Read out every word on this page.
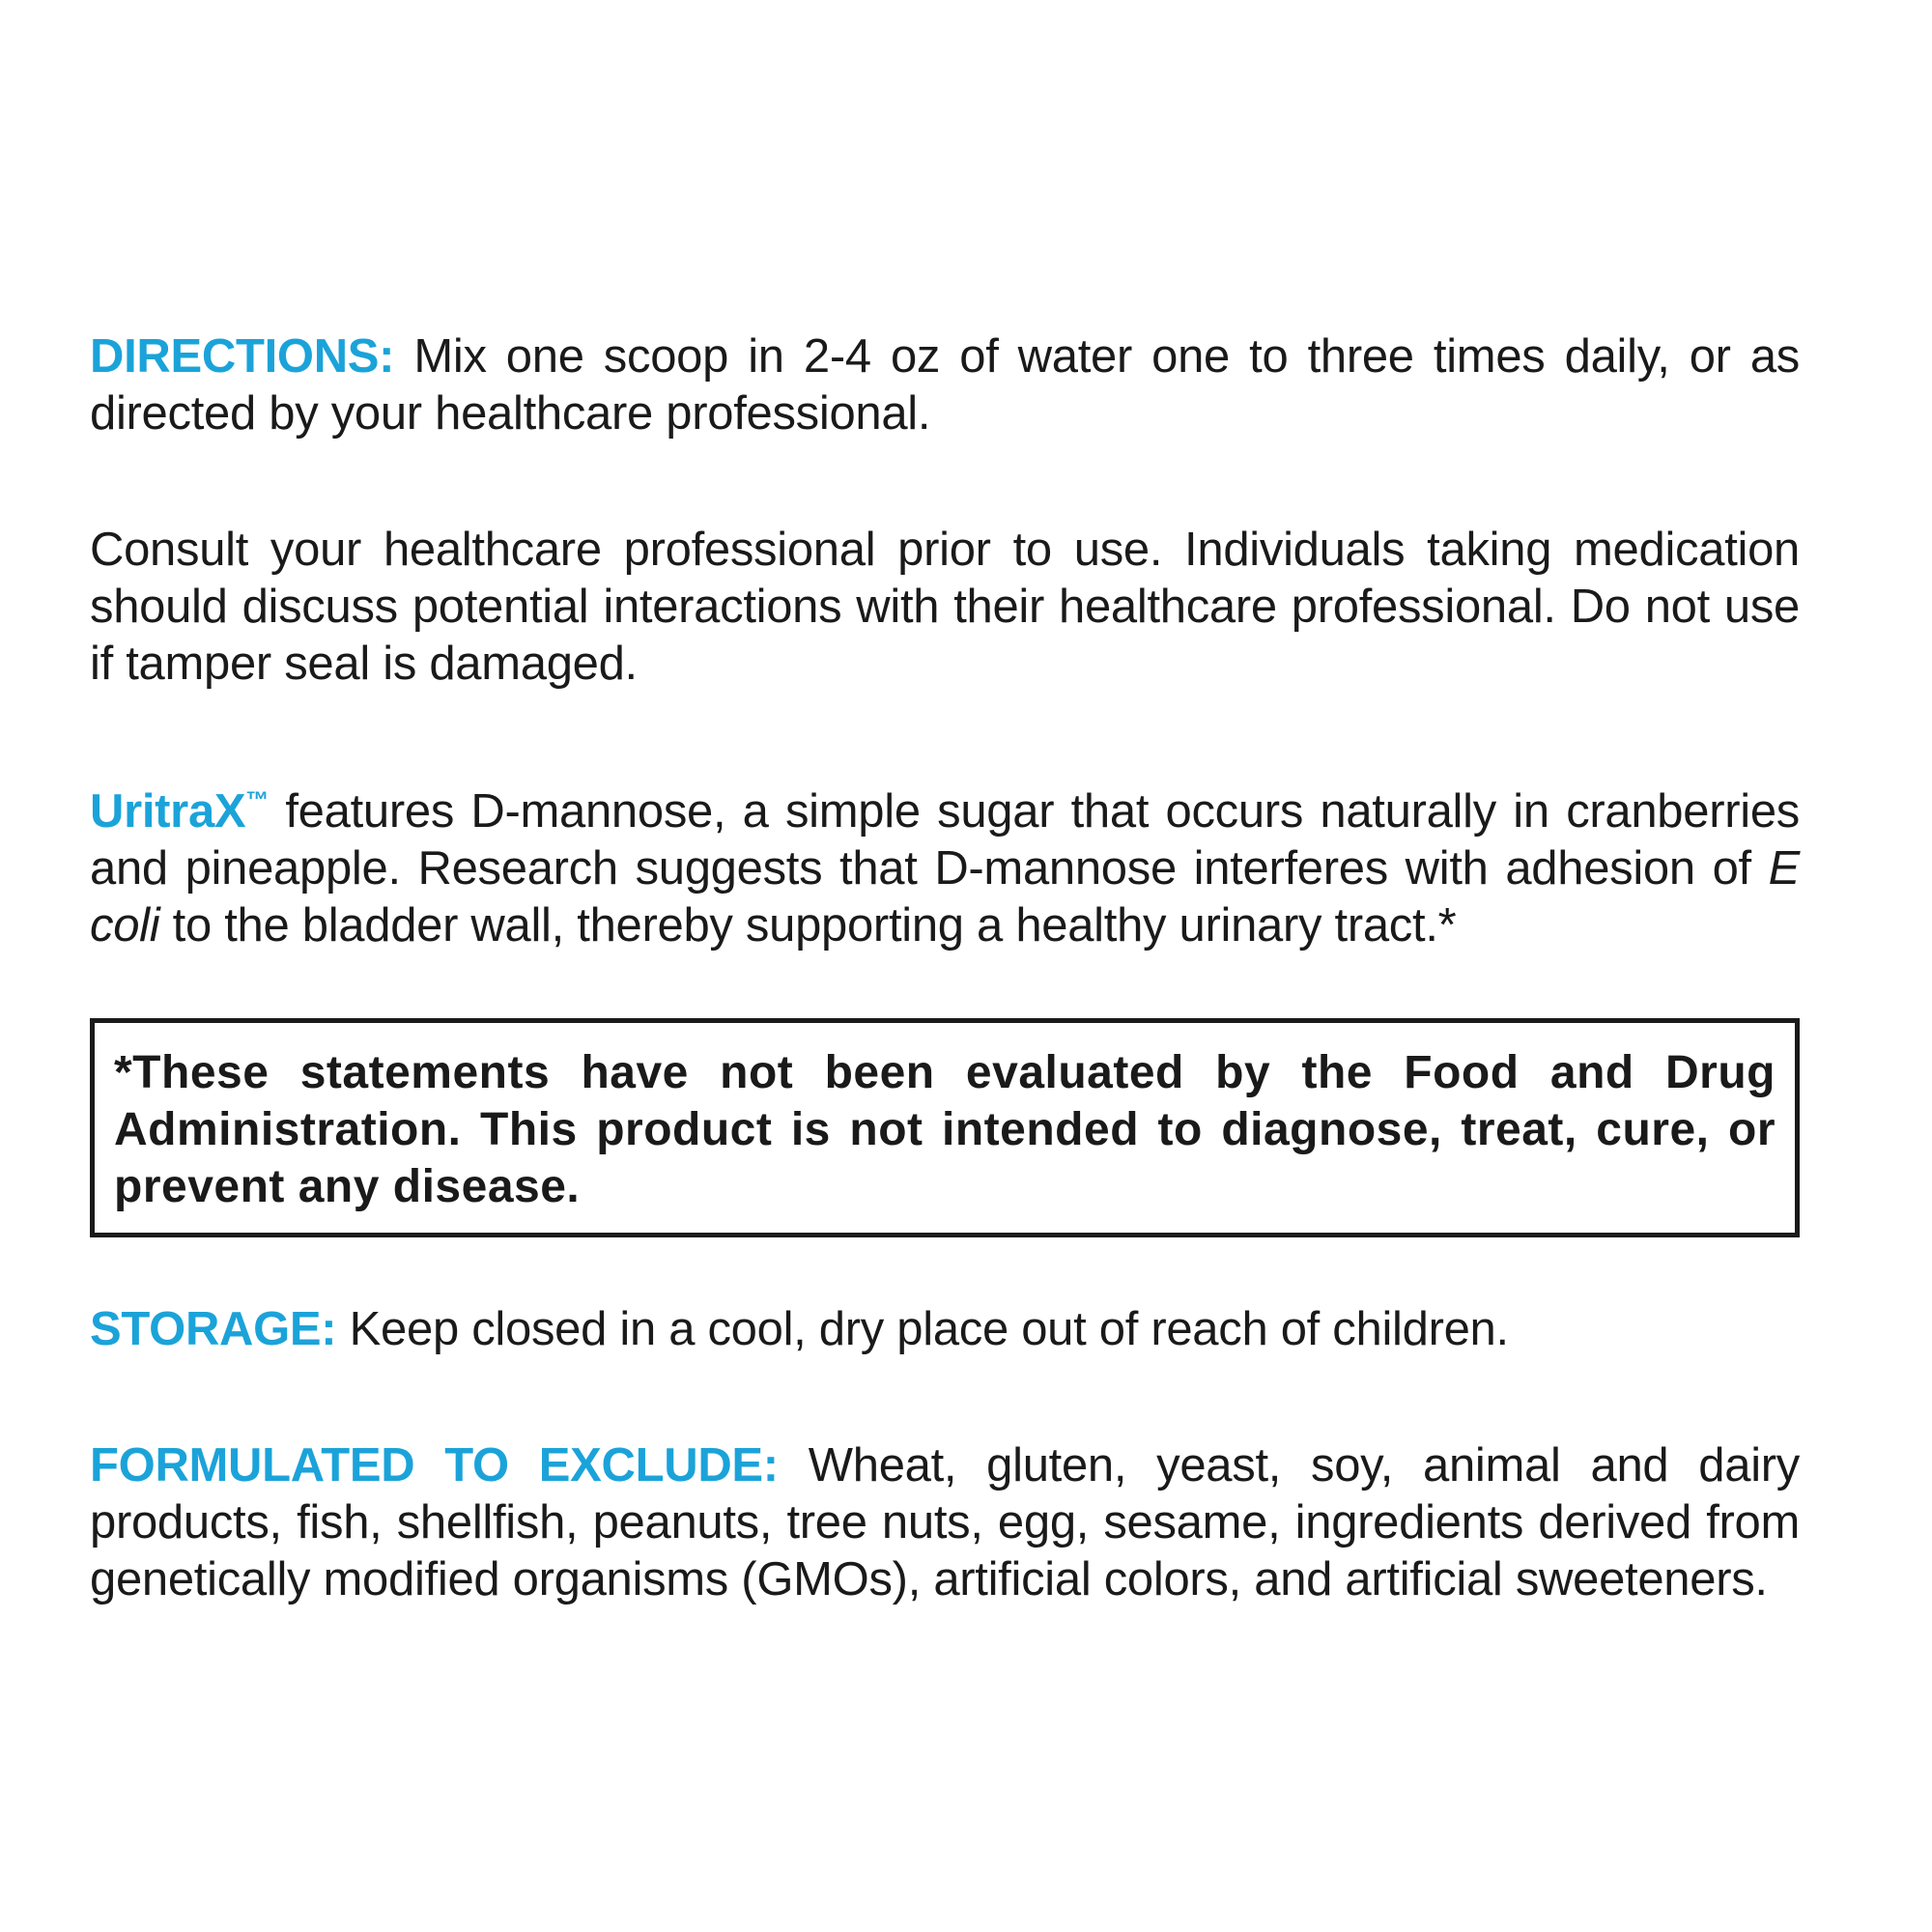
DIRECTIONS: Mix one scoop in 2-4 oz of water one to three times daily, or as directed by your healthcare professional.

Consult your healthcare professional prior to use. Individuals taking medication should discuss potential interactions with their healthcare professional. Do not use if tamper seal is damaged.

UritraX™ features D-mannose, a simple sugar that occurs naturally in cranberries and pineapple. Research suggests that D-mannose interferes with adhesion of E coli to the bladder wall, thereby supporting a healthy urinary tract.*

*These statements have not been evaluated by the Food and Drug Administration. This product is not intended to diagnose, treat, cure, or prevent any disease.

STORAGE: Keep closed in a cool, dry place out of reach of children.

FORMULATED TO EXCLUDE: Wheat, gluten, yeast, soy, animal and dairy products, fish, shellfish, peanuts, tree nuts, egg, sesame, ingredients derived from genetically modified organisms (GMOs), artificial colors, and artificial sweeteners.
